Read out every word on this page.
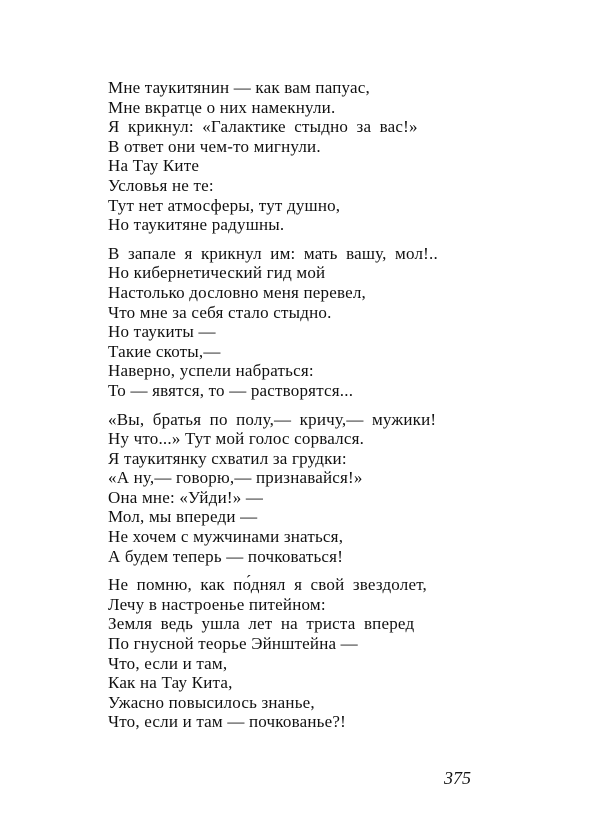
Мне таукитянин — как вам папуас,
Мне вкратце о них намекнули.
Я крикнул: «Галактике стыдно за вас!»
В ответ они чем-то мигнули.
На Тау Ките
Условья не те:
Тут нет атмосферы, тут душно,
Но таукитяне радушны.
В запале я крикнул им: мать вашу, мол!..
Но кибернетический гид мой
Настолько дословно меня перевел,
Что мне за себя стало стыдно.
Но таукиты —
Такие скоты,—
Наверно, успели набраться:
То — явятся, то — растворятся...
«Вы, братья по полу,— кричу,— мужики!
Ну что...» Тут мой голос сорвался.
Я таукитянку схватил за грудки:
«А ну,— говорю,— признавайся!»
Она мне: «Уйди!» —
Мол, мы впереди —
Не хочем с мужчинами знаться,
А будем теперь — почковаться!
Не помню, как по́днял я свой звездолет,
Лечу в настроенье питейном:
Земля ведь ушла лет на триста вперед
По гнусной теорье Эйнштейна —
Что, если и там,
Как на Тау Кита,
Ужасно повысилось знанье,
Что, если и там — почкованье?!
375
